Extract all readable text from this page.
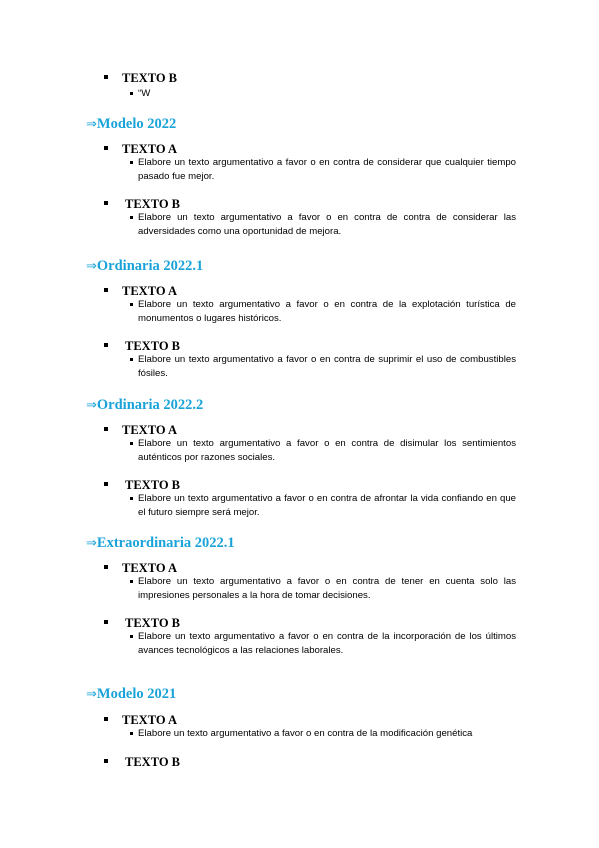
TEXTO B
“W
⇒Modelo 2022
TEXTO A
Elabore un texto argumentativo a favor o en contra de considerar que cualquier tiempo pasado fue mejor.
TEXTO B
Elabore un texto argumentativo a favor o en contra de contra de considerar las adversidades como una oportunidad de mejora.
⇒Ordinaria 2022.1
TEXTO A
Elabore un texto argumentativo a favor o en contra de la explotación turística de monumentos o lugares históricos.
TEXTO B
Elabore un texto argumentativo a favor o en contra de suprimir el uso de combustibles fósiles.
⇒Ordinaria 2022.2
TEXTO A
Elabore un texto argumentativo a favor o en contra de disimular los sentimientos auténticos por razones sociales.
TEXTO B
Elabore un texto argumentativo a favor o en contra de afrontar la vida confiando en que el futuro siempre será mejor.
⇒Extraordinaria 2022.1
TEXTO A
Elabore un texto argumentativo a favor o en contra de tener en cuenta solo las impresiones personales a la hora de tomar decisiones.
TEXTO B
Elabore un texto argumentativo a favor o en contra de la incorporación de los últimos avances tecnológicos a las relaciones laborales.
⇒Modelo 2021
TEXTO A
Elabore un texto argumentativo a favor o en contra de la modificación genética
TEXTO B
